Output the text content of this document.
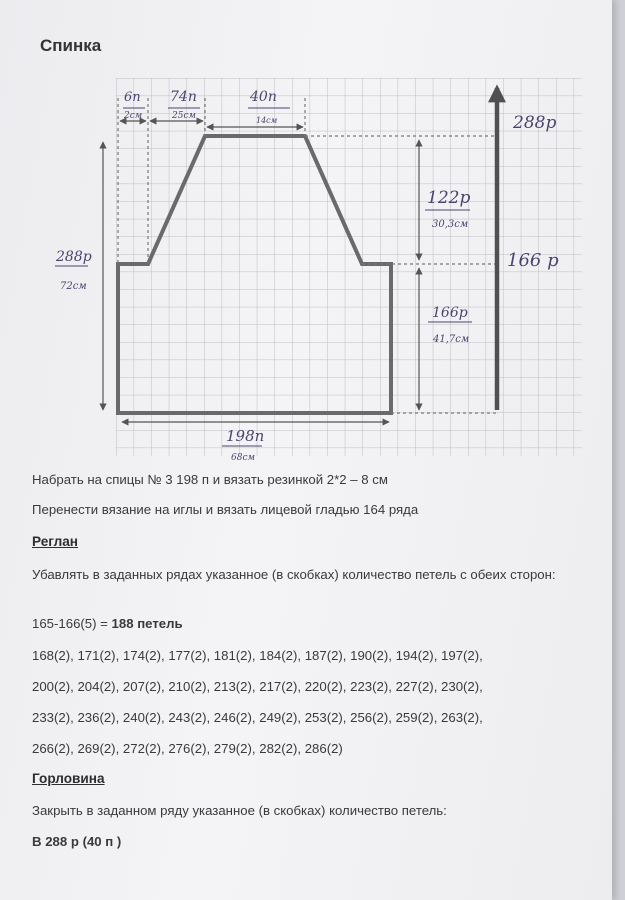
Спинка
6п
2см
74п
25см
40п
14см
288р
72см
122р
30,3см
166р
41,7см
288р
166 р
198п
68см
Набрать на спицы № 3 198 п и вязать резинкой 2*2 – 8 см
Перенести вязание на иглы и вязать лицевой гладью 164 ряда
Реглан
Убавлять в заданных рядах указанное (в скобках) количество петель с обеих сторон:
165-166(5) = 188 петель
168(2), 171(2), 174(2), 177(2), 181(2), 184(2), 187(2), 190(2), 194(2), 197(2),
200(2), 204(2), 207(2), 210(2), 213(2), 217(2), 220(2), 223(2), 227(2), 230(2),
233(2), 236(2), 240(2), 243(2), 246(2), 249(2), 253(2), 256(2), 259(2), 263(2),
266(2), 269(2), 272(2), 276(2), 279(2), 282(2), 286(2)
Горловина
Закрыть в заданном ряду указанное (в скобках) количество петель:
В 288 р (40 п )
